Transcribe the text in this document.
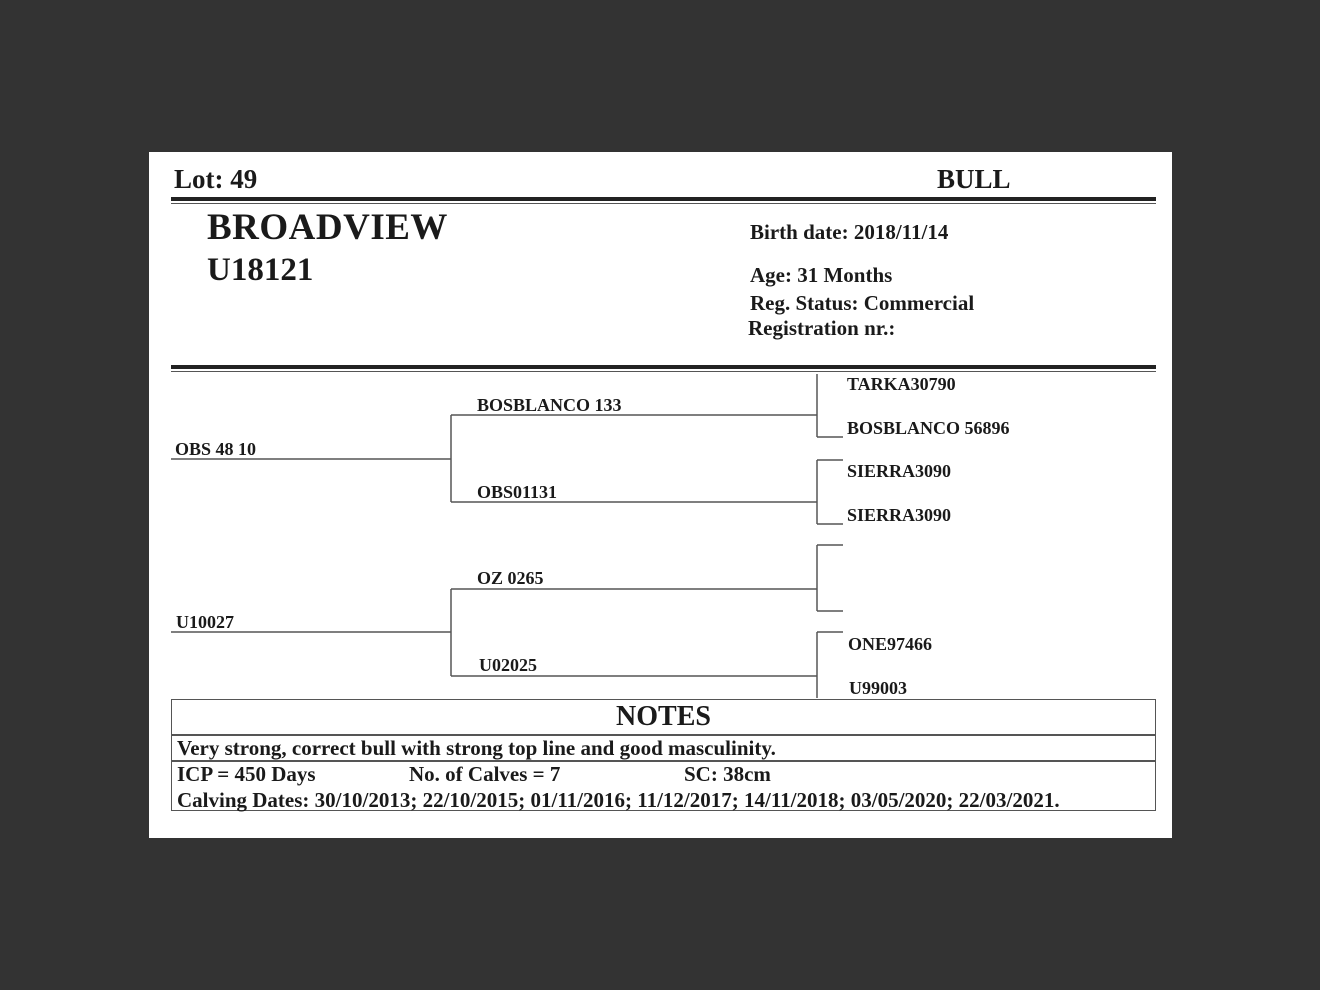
Lot: 49	BULL
BROADVIEW
U18121
Birth date: 2018/11/14
Age: 31 Months
Reg. Status: Commercial
Registration nr.:
OBS 48 10
U10027
BOSBLANCO 133
OBS01131
OZ 0265
U02025
TARKA30790
BOSBLANCO 56896
SIERRA3090
SIERRA3090
ONE97466
U99003
NOTES
Very strong, correct bull with strong top line and good masculinity.
ICP = 450 Days	No. of Calves = 7	SC: 38cm
Calving Dates: 30/10/2013; 22/10/2015; 01/11/2016; 11/12/2017; 14/11/2018; 03/05/2020; 22/03/2021.
